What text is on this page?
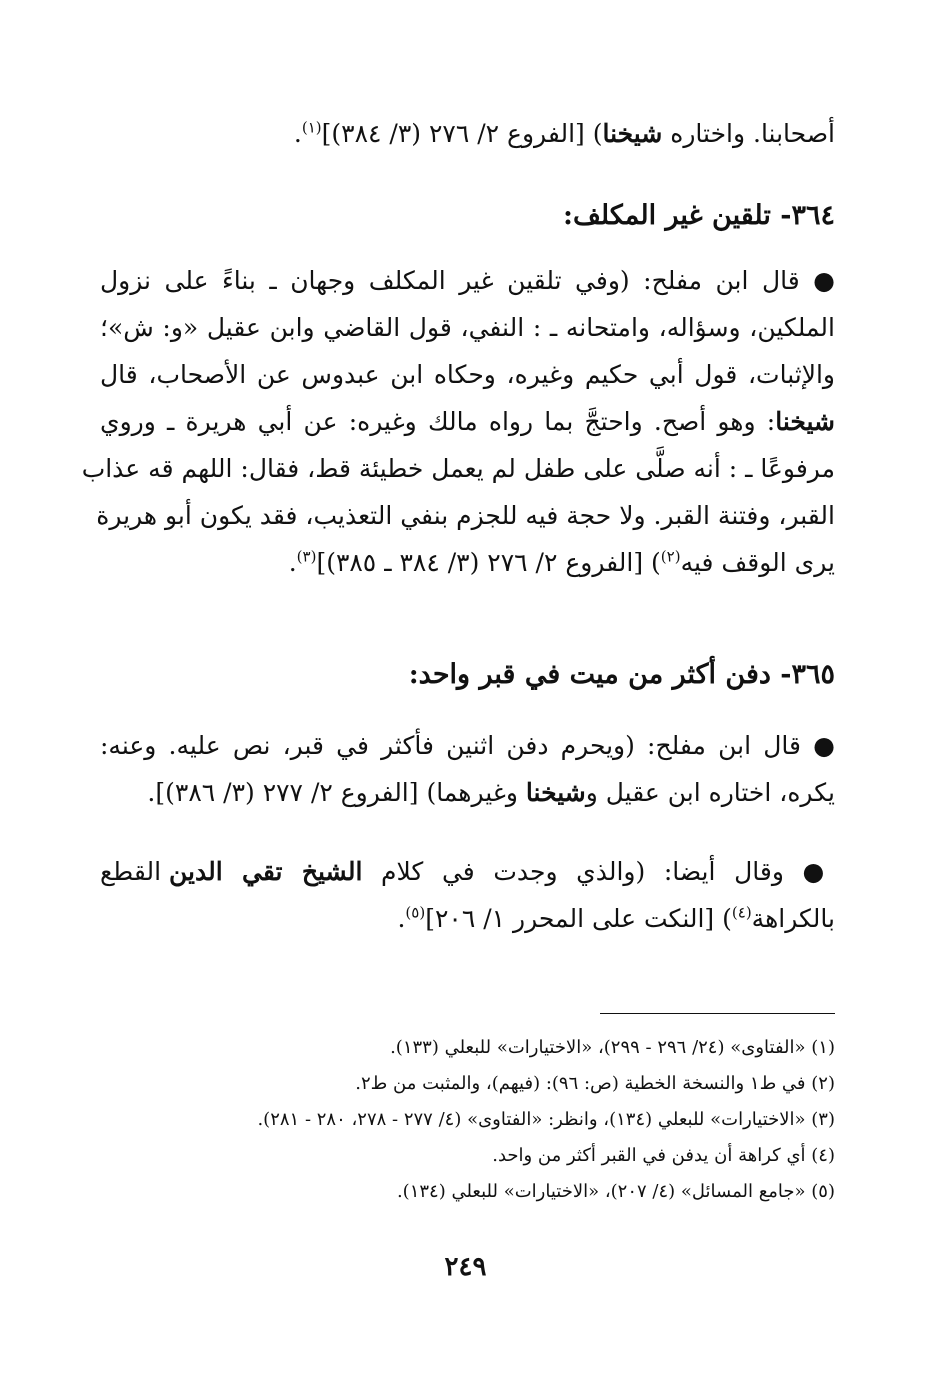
أصحابنا. واختاره شيخنا) [الفروع ٢/ ٢٧٦ (٣/ ٣٨٤)]$^{(١)}$.
٣٦٤- تلقين غير المكلف:
● قال ابن مفلح: (وفي تلقين غير المكلف وجهان ـ بناءً على نزول
الملكين، وسؤاله، وامتحانه ـ : النفي، قول القاضي وابن عقيل «و: ش»؛
والإثبات، قول أبي حكيم وغيره، وحكاه ابن عبدوس عن الأصحاب، قال
شيخنا: وهو أصح. واحتجَّ بما رواه مالك وغيره: عن أبي هريرة ـ وروي
مرفوعًا ـ : أنه صلَّى على طفل لم يعمل خطيئة قط، فقال: اللهم قه عذاب
القبر، وفتنة القبر. ولا حجة فيه للجزم بنفي التعذيب، فقد يكون أبو هريرة
يرى الوقف فيه$^{(٢)}$) [الفروع ٢/ ٢٧٦ (٣/ ٣٨٤ ـ ٣٨٥)]$^{(٣)}$.
٣٦٥- دفن أكثر من ميت في قبر واحد:
● قال ابن مفلح: (ويحرم دفن اثنين فأكثر في قبر، نص عليه. وعنه:
يكره، اختاره ابن عقيل وشيخنا وغيرهما) [الفروع ٢/ ٢٧٧ (٣/ ٣٨٦)].
● وقال أيضا: (والذي وجدت في كلام الشيخ تقي الدين القطع
بالكراهة$^{(٤)}$) [النكت على المحرر ١/ ٢٠٦]$^{(٥)}$.
(١) «الفتاوى» (٢٤/ ٢٩٦ - ٢٩٩)، «الاختيارات» للبعلي (١٣٣).
(٢) في ط١ والنسخة الخطية (ص: ٩٦): (فيهم)، والمثبت من ط٢.
(٣) «الاختيارات» للبعلي (١٣٤)، وانظر: «الفتاوى» (٤/ ٢٧٧ - ٢٧٨، ٢٨٠ - ٢٨١).
(٤) أي كراهة أن يدفن في القبر أكثر من واحد.
(٥) «جامع المسائل» (٤/ ٢٠٧)، «الاختيارات» للبعلي (١٣٤).
٢٤٩
